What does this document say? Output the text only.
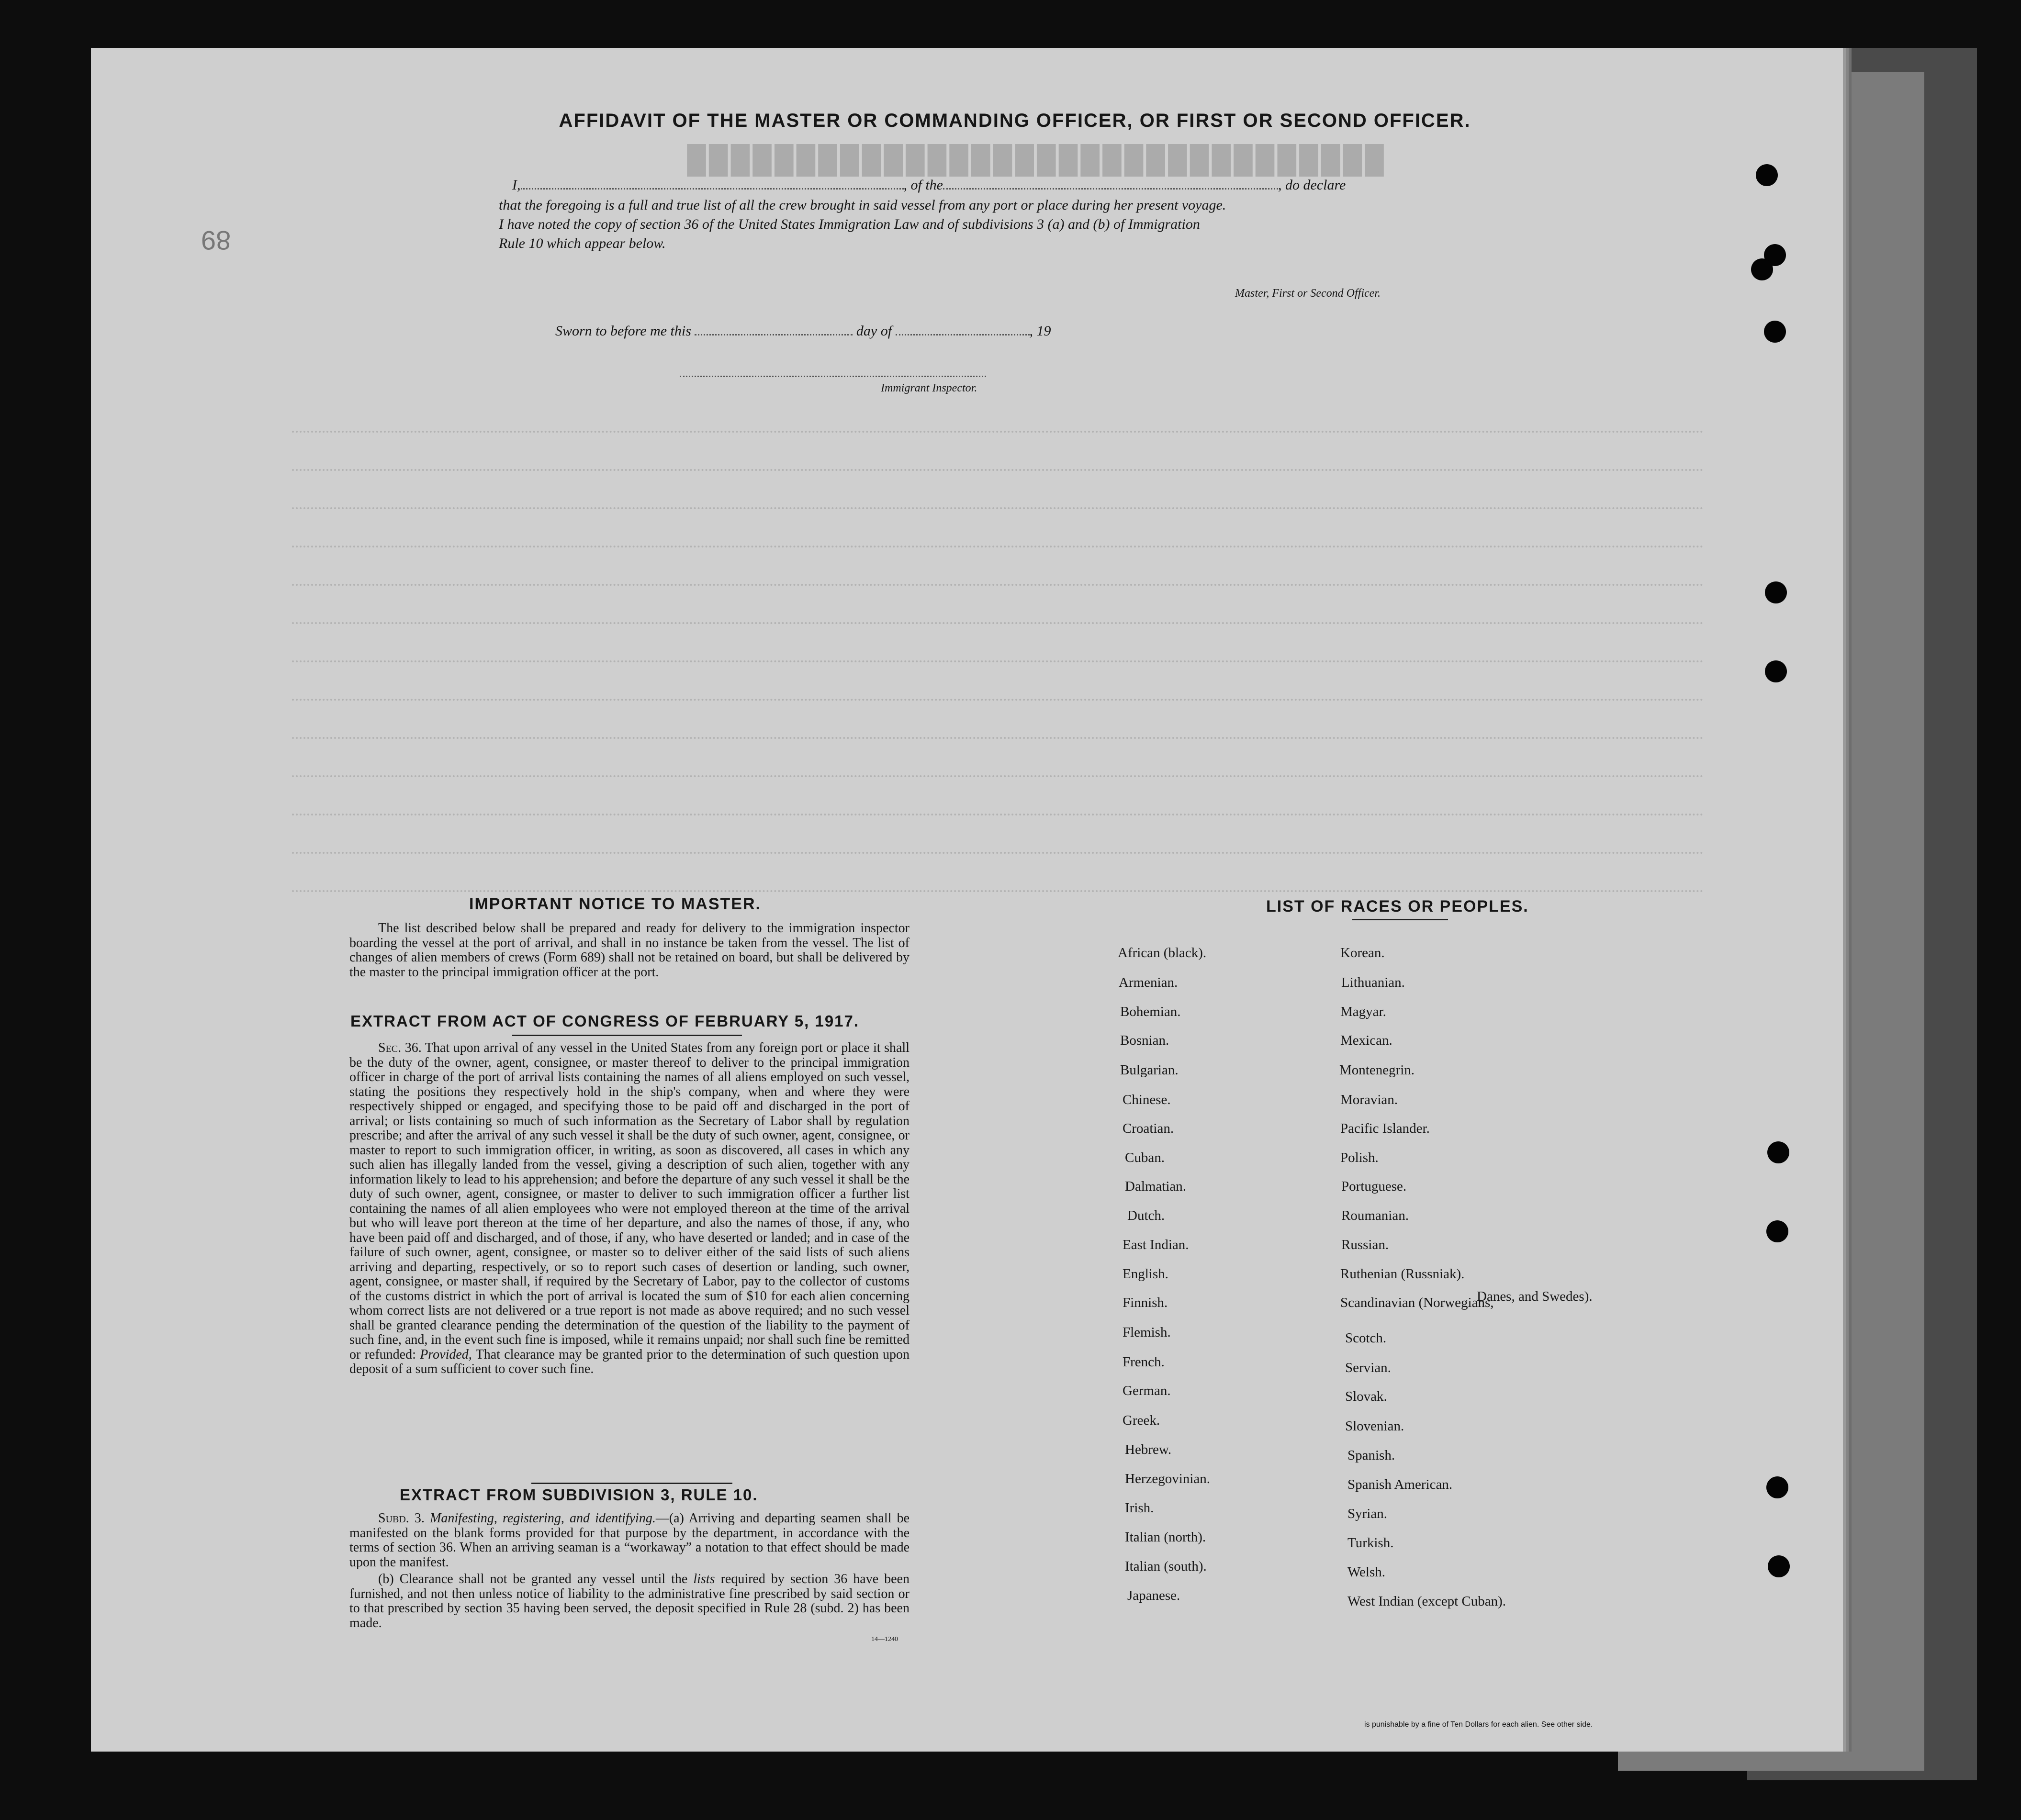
████████████████████████████████
89
AFFIDAVIT OF THE MASTER OR COMMANDING OFFICER, OR FIRST OR SECOND OFFICER.
I,	, of the	, do declare
that the foregoing is a full and true list of all the crew brought in said vessel from any port or place during her present voyage.
I have noted the copy of section 36 of the United States Immigration Law and of subdivisions 3 (a) and (b) of Immigration
Rule 10 which appear below.
Master, First or Second Officer.
Sworn to before me this	day of	, 19
Immigrant Inspector.
IMPORTANT NOTICE TO MASTER.
The list described below shall be prepared and ready for delivery to the immigration inspector boarding the vessel at the port of arrival, and shall in no instance be taken from the vessel. The list of changes of alien members of crews (Form 689) shall not be retained on board, but shall be delivered by the master to the principal immigration officer at the port.
EXTRACT FROM ACT OF CONGRESS OF FEBRUARY 5, 1917.
Sec. 36. That upon arrival of any vessel in the United States from any foreign port or place it shall be the duty of the owner, agent, consignee, or master thereof to deliver to the principal immigration officer in charge of the port of arrival lists containing the names of all aliens employed on such vessel, stating the positions they respectively hold in the ship's company, when and where they were respectively shipped or engaged, and specifying those to be paid off and discharged in the port of arrival; or lists containing so much of such information as the Secretary of Labor shall by regulation prescribe; and after the arrival of any such vessel it shall be the duty of such owner, agent, consignee, or master to report to such immigration officer, in writing, as soon as discovered, all cases in which any such alien has illegally landed from the vessel, giving a description of such alien, together with any information likely to lead to his apprehension; and before the departure of any such vessel it shall be the duty of such owner, agent, consignee, or master to deliver to such immigration officer a further list containing the names of all alien employees who were not employed thereon at the time of the arrival but who will leave port thereon at the time of her departure, and also the names of those, if any, who have been paid off and discharged, and of those, if any, who have deserted or landed; and in case of the failure of such owner, agent, consignee, or master so to deliver either of the said lists of such aliens arriving and departing, respectively, or so to report such cases of desertion or landing, such owner, agent, consignee, or master shall, if required by the Secretary of Labor, pay to the collector of customs of the customs district in which the port of arrival is located the sum of $10 for each alien concerning whom correct lists are not delivered or a true report is not made as above required; and no such vessel shall be granted clearance pending the determination of the question of the liability to the payment of such fine, and, in the event such fine is imposed, while it remains unpaid; nor shall such fine be remitted or refunded: Provided, That clearance may be granted prior to the determination of such question upon deposit of a sum sufficient to cover such fine.
EXTRACT FROM SUBDIVISION 3, RULE 10.
Subd. 3. Manifesting, registering, and identifying.—(a) Arriving and departing seamen shall be manifested on the blank forms provided for that purpose by the department, in accordance with the terms of section 36. When an arriving seaman is a “workaway” a notation to that effect should be made upon the manifest.
(b) Clearance shall not be granted any vessel until the lists required by section 36 have been furnished, and not then unless notice of liability to the administrative fine prescribed by said section or to that prescribed by section 35 having been served, the deposit specified in Rule 28 (subd. 2) has been made.
14—1240
LIST OF RACES OR PEOPLES.
Danes, and Swedes).
is punishable by a fine of Ten Dollars for each alien. See other side.
African (black).
Armenian.
Bohemian.
Bosnian.
Bulgarian.
Chinese.
Croatian.
Cuban.
Dalmatian.
Dutch.
East Indian.
English.
Finnish.
Flemish.
French.
German.
Greek.
Hebrew.
Herzegovinian.
Irish.
Italian (north).
Italian (south).
Japanese.
Korean.
Lithuanian.
Magyar.
Mexican.
Montenegrin.
Moravian.
Pacific Islander.
Polish.
Portuguese.
Roumanian.
Russian.
Ruthenian (Russniak).
Scandinavian (Norwegians,
Scotch.
Servian.
Slovak.
Slovenian.
Spanish.
Spanish American.
Syrian.
Turkish.
Welsh.
West Indian (except Cuban).
